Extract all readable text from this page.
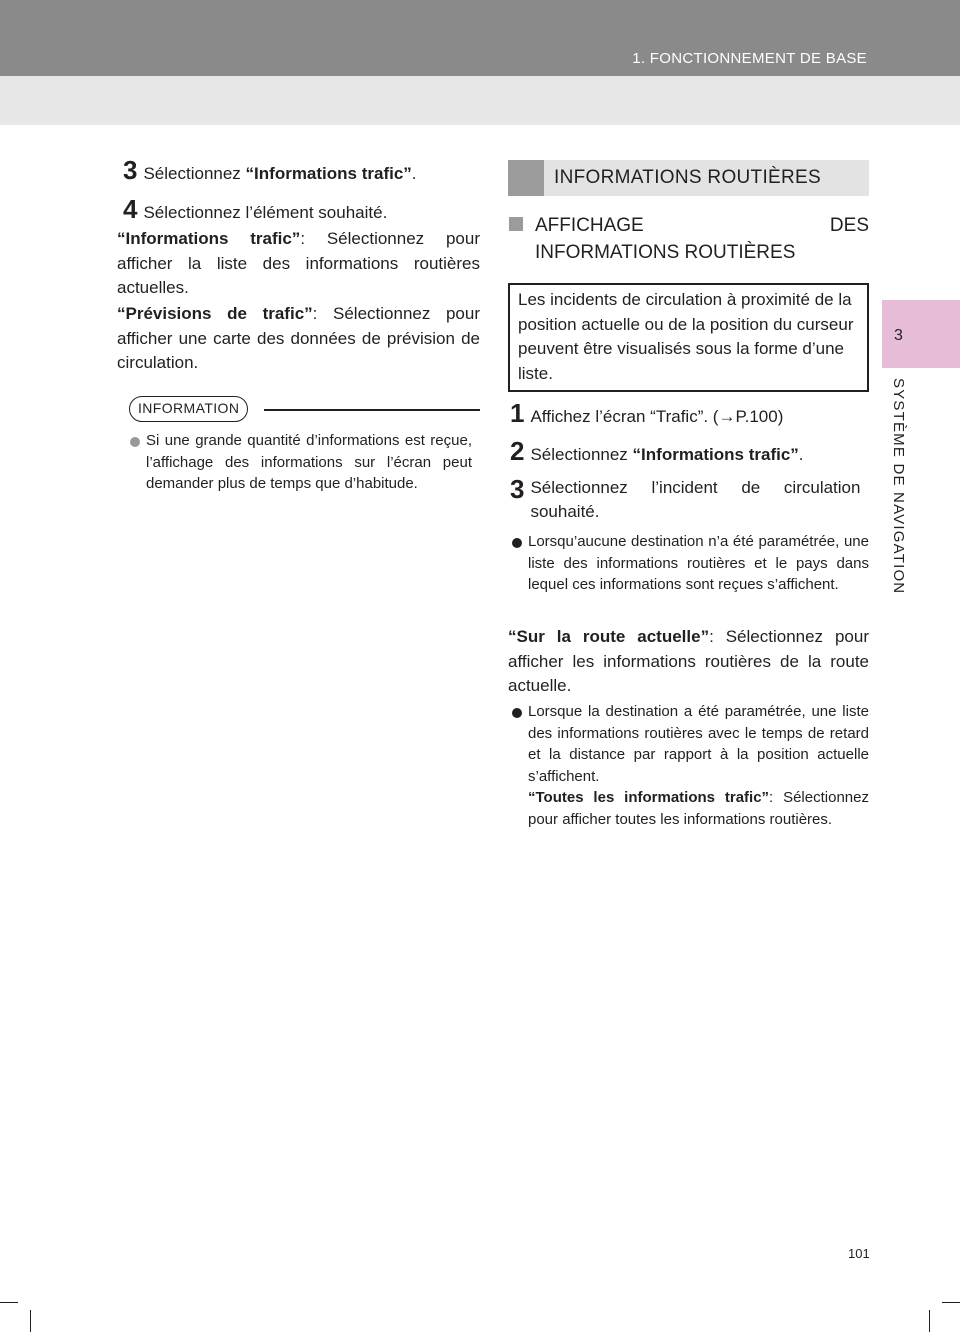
1. FONCTIONNEMENT DE BASE
3
SYSTÈME DE NAVIGATION
3 Sélectionnez “Informations trafic”.
4 Sélectionnez l’élément souhaité.
“Informations trafic”: Sélectionnez pour afficher la liste des informations routières actuelles.
“Prévisions de trafic”: Sélectionnez pour afficher une carte des données de prévision de circulation.
INFORMATION
Si une grande quantité d’informations est reçue, l’affichage des informations sur l’écran peut demander plus de temps que d’habitude.
INFORMATIONS ROUTIÈRES
AFFICHAGE	DES
INFORMATIONS ROUTIÈRES
Les incidents de circulation à proximité de la position actuelle ou de la position du curseur peuvent être visualisés sous la forme d’une liste.
1 Affichez l’écran “Trafic”. (→P.100)
2 Sélectionnez “Informations trafic”.
3 Sélectionnez l’incident de circulation souhaité.
Lorsqu’aucune destination n’a été paramétrée, une liste des informations routières et le pays dans lequel ces informations sont reçues s’affichent.
“Sur la route actuelle”: Sélectionnez pour afficher les informations routières de la route actuelle.
Lorsque la destination a été paramétrée, une liste des informations routières avec le temps de retard et la distance par rapport à la position actuelle s’affichent.
“Toutes les informations trafic”: Sélectionnez pour afficher toutes les informations routières.
101
